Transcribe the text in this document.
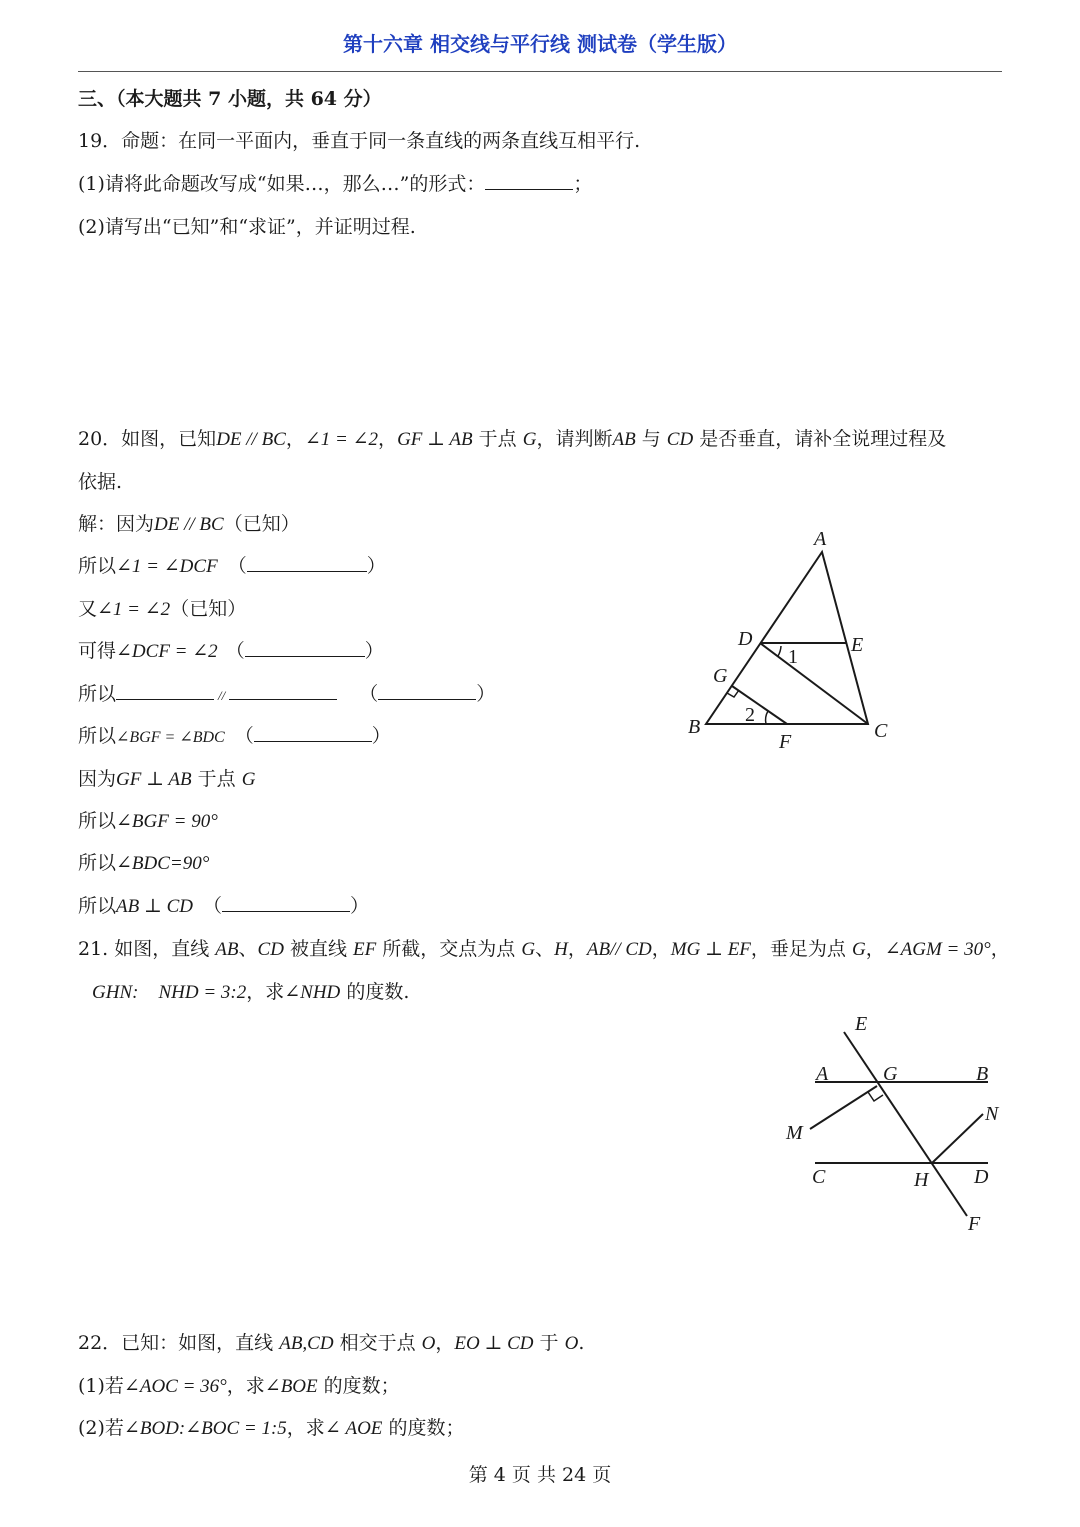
第十六章 相交线与平行线 测试卷（学生版）
三、（本大题共 7 小题，共 64 分）
19．命题：在同一平面内，垂直于同一条直线的两条直线互相平行.
(1)请将此命题改写成“如果…，那么…”的形式：	；
(2)请写出“已知”和“求证”，并证明过程.
20．如图，已知DE // BC，∠1 = ∠2，GF ⊥ AB 于点 G，请判断AB 与 CD 是否垂直，请补全说理过程及
依据.
解：因为DE // BC（已知）
所以∠1 = ∠DCF （	）
又∠1 = ∠2（已知）
可得∠DCF = ∠2 （	）
所以	//	（	）
所以∠BGF = ∠BDC （	）
因为GF ⊥ AB 于点 G
所以∠BGF = 90°
所以∠BDC=90°
所以AB ⊥ CD （	）
A
D	E
G
B	C
F
1
2
21. 如图，直线 AB、CD 被直线 EF 所截，交点为点 G、H，AB// CD，MG ⊥ EF，垂足为点 G，∠AGM = 30°，
GHN: NHD = 3:2，求∠NHD 的度数.
E
A	G	B
N
M
C	H D
F
22．已知：如图，直线 AB,CD 相交于点 O，EO ⊥ CD 于 O.
(1)若∠AOC = 36°，求∠BOE 的度数；
(2)若∠BOD:∠BOC = 1:5，求∠ AOE 的度数；
第 4 页 共 24 页
